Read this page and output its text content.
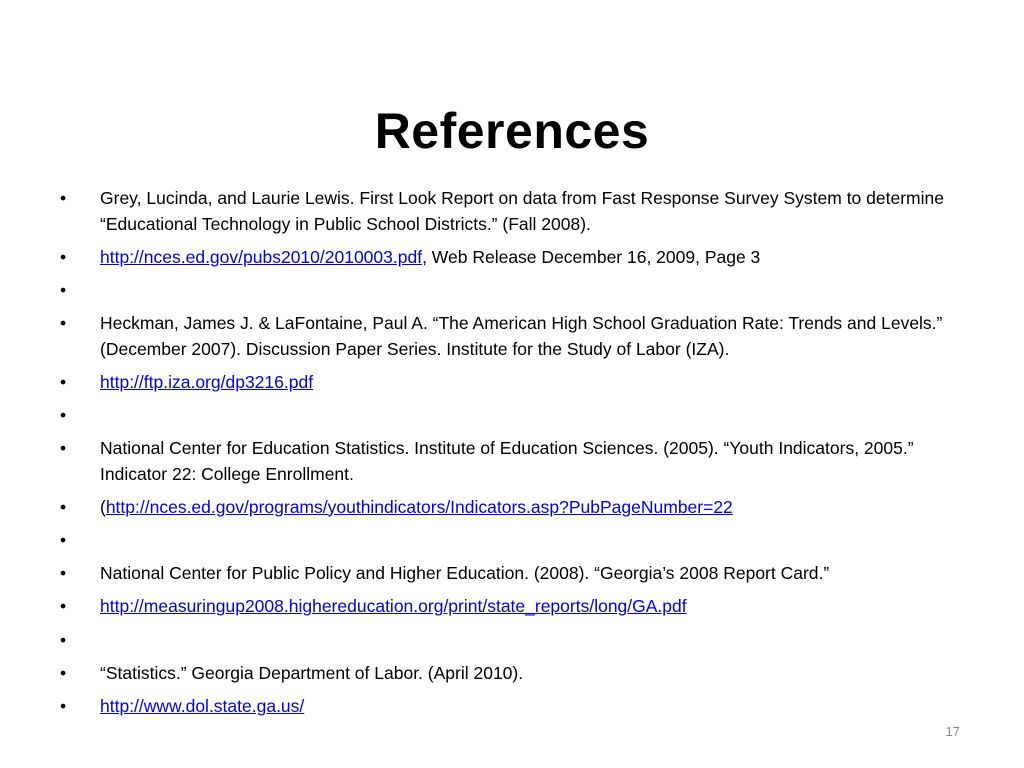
References
•	Grey, Lucinda, and Laurie Lewis. First Look Report on data from Fast Response Survey System to determine “Educational Technology in Public School Districts.” (Fall 2008).
•	http://nces.ed.gov/pubs2010/2010003.pdf, Web Release December 16, 2009, Page 3
•
•	Heckman, James J. & LaFontaine, Paul A. “The American High School Graduation Rate: Trends and Levels.” (December 2007). Discussion Paper Series. Institute for the Study of Labor (IZA).
•	http://ftp.iza.org/dp3216.pdf
•
•	National Center for Education Statistics. Institute of Education Sciences. (2005). “Youth Indicators, 2005.” Indicator 22: College Enrollment.
•	(http://nces.ed.gov/programs/youthindicators/Indicators.asp?PubPageNumber=22
•
•	National Center for Public Policy and Higher Education. (2008). “Georgia’s 2008 Report Card.”
•	http://measuringup2008.highereducation.org/print/state_reports/long/GA.pdf
•
•	“Statistics.” Georgia Department of Labor. (April 2010).
•	http://www.dol.state.ga.us/
17
